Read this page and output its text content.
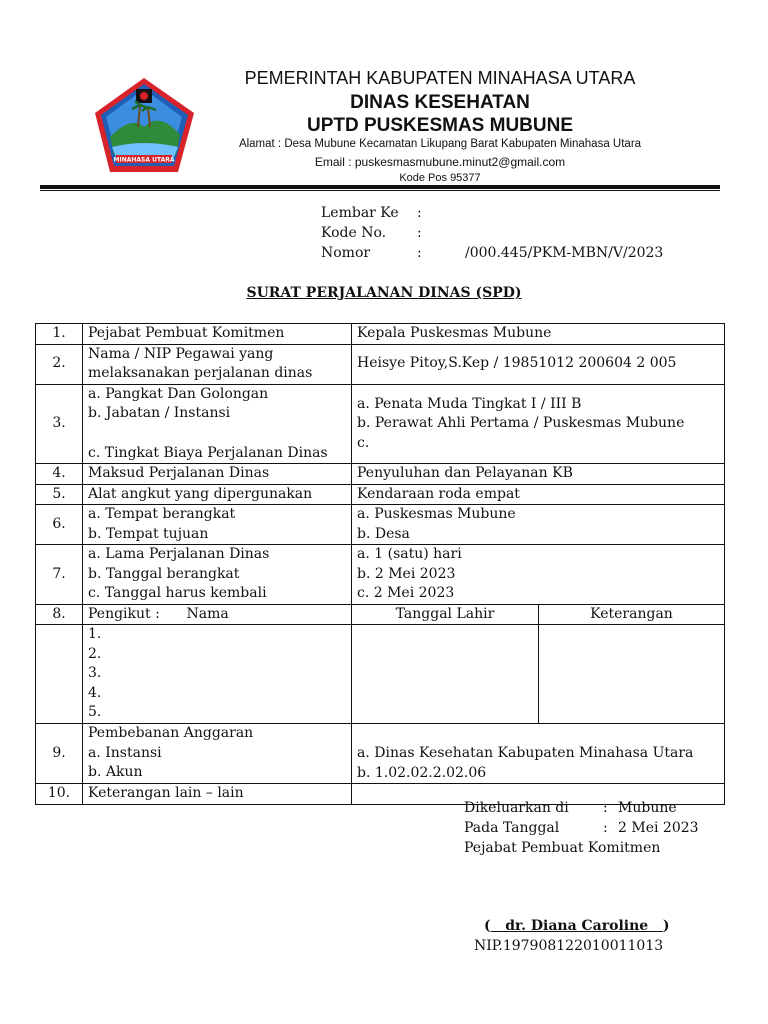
MINAHASA UTARA
PEMERINTAH KABUPATEN MINAHASA UTARA
DINAS KESEHATAN
UPTD PUSKESMAS MUBUNE
Alamat : Desa Mubune Kecamatan Likupang Barat Kabupaten Minahasa Utara
Email : puskesmasmubune.minut2@gmail.com
Kode Pos 95377
Lembar Ke :
Kode No. :
Nomor	:	/000.445/PKM-MBN/V/2023
SURAT PERJALANAN DINAS (SPD)
1.	Pejabat Pembuat Komitmen	Kepala Puskesmas Mubune	
2.	Nama / NIP Pegawai yang
melaksanakan perjalanan dinas	Heisye Pitoy,S.Kep / 19851012 200604 2 005	
3.	a. Pangkat Dan Golongan
b. Jabatan / Instansi
c. Tingkat Biaya Perjalanan Dinas	a. Penata Muda Tingkat I / III B
b. Perawat Ahli Pertama / Puskesmas Mubune
c.	

4.	Maksud Perjalanan Dinas	Penyuluhan dan Pelayanan KB	
5.	Alat angkut yang dipergunakan	Kendaraan roda empat	
6.	a. Tempat berangkat
b. Tempat tujuan	a. Puskesmas Mubune
b. Desa	

7.	a. Lama Perjalanan Dinas
b. Tanggal berangkat
c. Tanggal harus kembali	a. 1 (satu) hari
b. 2 Mei 2023
c. 2 Mei 2023	

8.	Pengikut :      Nama	Tanggal Lahir	Keterangan

	1.
2.
3.
4.
5.		

9.	Pembebanan Anggaran
a. Instansi
b. Akun	a. Dinas Kesehatan Kabupaten Minahasa Utara
b. 1.02.02.2.02.06	

10.	Keterangan lain – lain		
Dikeluarkan di : Mubune
Pada Tanggal	: 2 Mei 2023
Pejabat Pembuat Komitmen
(   dr. Diana Caroline   )
NIP.197908122010011013
